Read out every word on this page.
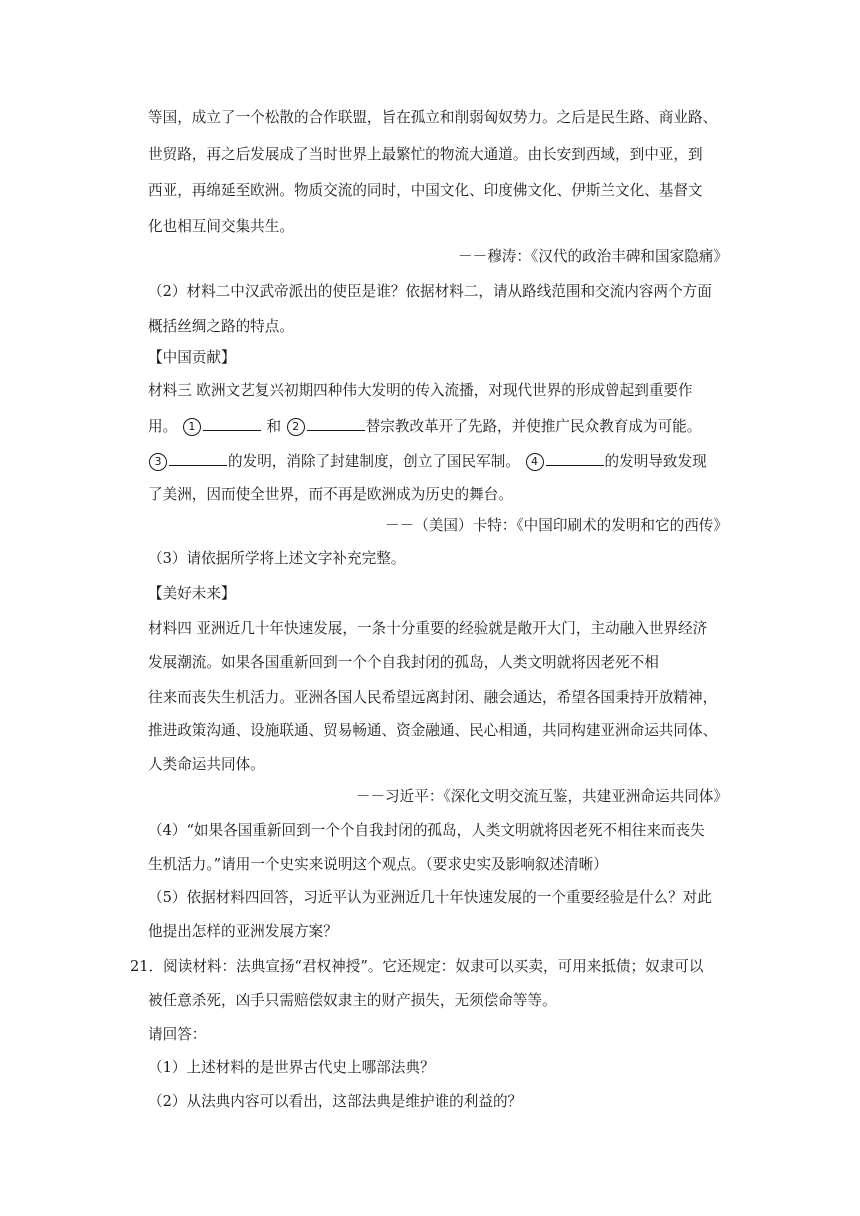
等国，成立了一个松散的合作联盟，旨在孤立和削弱匈奴势力。之后是民生路、商业路、
世贸路，再之后发展成了当时世界上最繁忙的物流大通道。由长安到西域，到中亚，到
西亚，再绵延至欧洲。物质交流的同时，中国文化、印度佛文化、伊斯兰文化、基督文
化也相互间交集共生。
－－穆涛：《汉代的政治丰碑和国家隐痛》
（2）材料二中汉武帝派出的使臣是谁？依据材料二，请从路线范围和交流内容两个方面
概括丝绸之路的特点。
【中国贡献】
材料三 欧洲文艺复兴初期四种伟大发明的传入流播，对现代世界的形成曾起到重要作
用。 1	和 2	替宗教改革开了先路，并使推广民众教育成为可能。
3	的发明，消除了封建制度，创立了国民军制。 4	的发明导致发现
了美洲，因而使全世界，而不再是欧洲成为历史的舞台。
－－（美国）卡特：《中国印刷术的发明和它的西传》
（3）请依据所学将上述文字补充完整。
【美好未来】
材料四 亚洲近几十年快速发展，一条十分重要的经验就是敞开大门，主动融入世界经济
发展潮流。如果各国重新回到一个个自我封闭的孤岛，人类文明就将因老死不相
往来而丧失生机活力。亚洲各国人民希望远离封闭、融会通达，希望各国秉持开放精神，
推进政策沟通、设施联通、贸易畅通、资金融通、民心相通，共同构建亚洲命运共同体、
人类命运共同体。
－－习近平：《深化文明交流互鉴，共建亚洲命运共同体》
（4）“如果各国重新回到一个个自我封闭的孤岛，人类文明就将因老死不相往来而丧失
生机活力。”请用一个史实来说明这个观点。（要求史实及影响叙述清晰）
（5）依据材料四回答，习近平认为亚洲近几十年快速发展的一个重要经验是什么？对此
他提出怎样的亚洲发展方案？
21．阅读材料：法典宣扬“君权神授”。它还规定：奴隶可以买卖，可用来抵债；奴隶可以
被任意杀死，凶手只需赔偿奴隶主的财产损失，无须偿命等等。
请回答：
（1）上述材料的是世界古代史上哪部法典？
（2）从法典内容可以看出，这部法典是维护谁的利益的？
